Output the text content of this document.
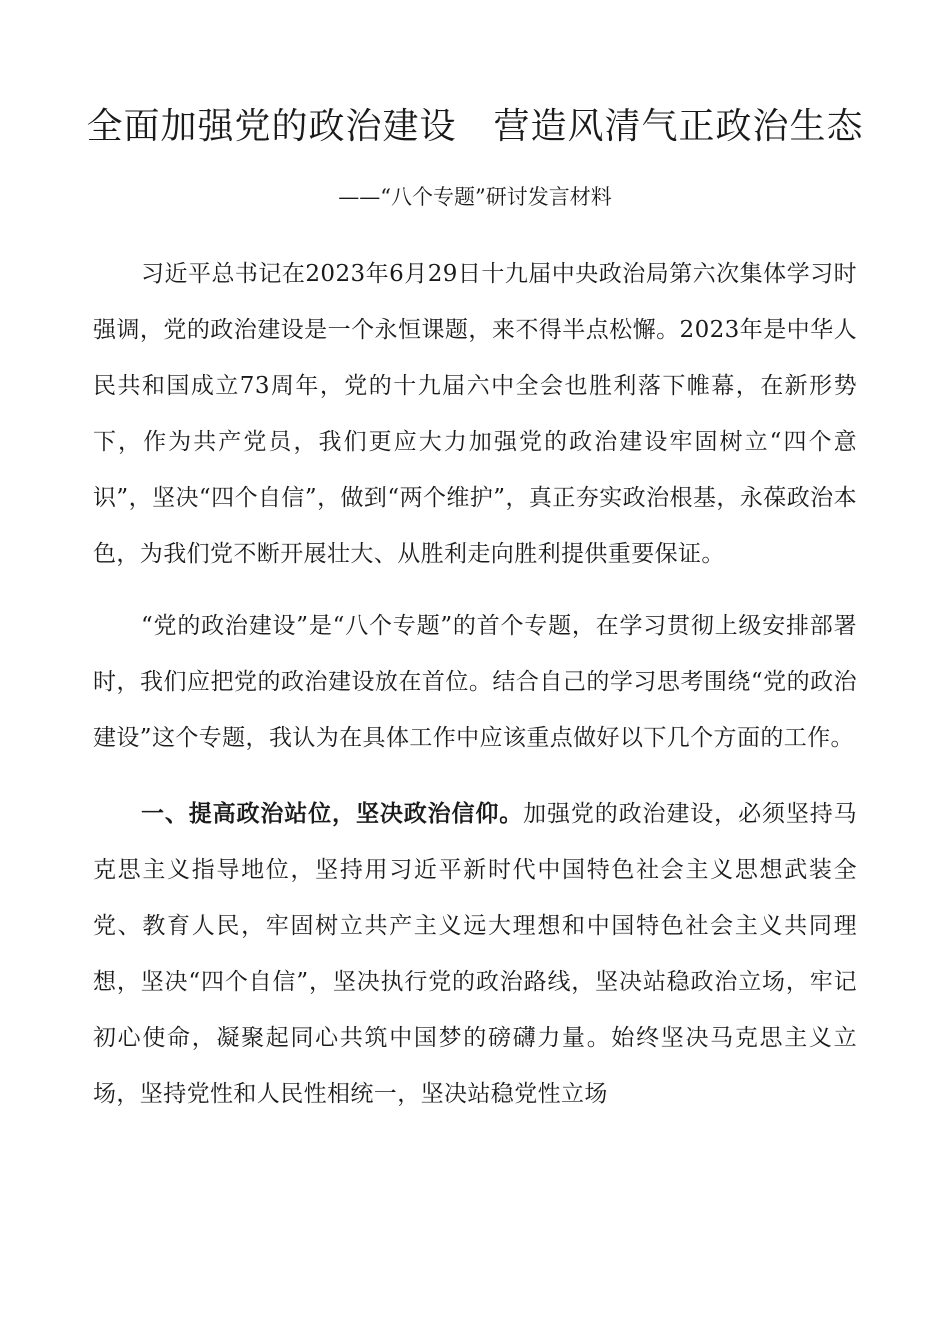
全面加强党的政治建设　营造风清气正政治生态

——“八个专题”研讨发言材料

习近平总书记在2023年6月29日十九届中央政治局第六次集体学习时强调，党的政治建设是一个永恒课题，来不得半点松懈。2023年是中华人民共和国成立73周年，党的十九届六中全会也胜利落下帷幕，在新形势下，作为共产党员，我们更应大力加强党的政治建设牢固树立“四个意识”，坚决“四个自信”，做到“两个维护”，真正夯实政治根基，永葆政治本色，为我们党不断开展壮大、从胜利走向胜利提供重要保证。

“党的政治建设”是“八个专题”的首个专题，在学习贯彻上级安排部署时，我们应把党的政治建设放在首位。结合自己的学习思考围绕“党的政治建设”这个专题，我认为在具体工作中应该重点做好以下几个方面的工作。

一、提高政治站位，坚决政治信仰。加强党的政治建设，必须坚持马克思主义指导地位，坚持用习近平新时代中国特色社会主义思想武装全党、教育人民，牢固树立共产主义远大理想和中国特色社会主义共同理想，坚决“四个自信”，坚决执行党的政治路线，坚决站稳政治立场，牢记初心使命，凝聚起同心共筑中国梦的磅礴力量。始终坚决马克思主义立场，坚持党性和人民性相统一，坚决站稳党性立场
